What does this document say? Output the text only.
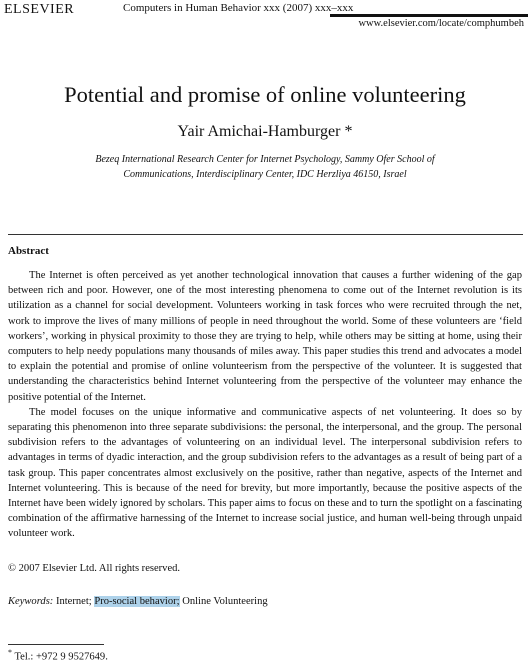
ELSEVIER	Computers in Human Behavior xxx (2007) xxx–xxx
www.elsevier.com/locate/comphumbeh
Potential and promise of online volunteering
Yair Amichai-Hamburger *
Bezeq International Research Center for Internet Psychology, Sammy Ofer School of
Communications, Interdisciplinary Center, IDC Herzliya 46150, Israel
Abstract

The Internet is often perceived as yet another technological innovation that causes a further widening of the gap between rich and poor. However, one of the most interesting phenomena to come out of the Internet revolution is its utilization as a channel for social development. Volunteers working in task forces who were recruited through the net, work to improve the lives of many millions of people in need throughout the world. Some of these volunteers are ‘field workers’, working in physical proximity to those they are trying to help, while others may be sitting at home, using their computers to help needy populations many thousands of miles away. This paper studies this trend and advocates a model to explain the potential and promise of online volunteerism from the perspective of the volunteer. It is suggested that understanding the characteristics behind Internet volunteering from the perspective of the volunteer may enhance the positive potential of the Internet.

The model focuses on the unique informative and communicative aspects of net volunteering. It does so by separating this phenomenon into three separate subdivisions: the personal, the interpersonal, and the group. The personal subdivision refers to the advantages of volunteering on an individual level. The interpersonal subdivision refers to advantages in terms of dyadic interaction, and the group subdivision refers to the advantages as a result of being part of a task group. This paper concentrates almost exclusively on the positive, rather than negative, aspects of the Internet and Internet volunteering. This is because of the need for brevity, but more importantly, because the positive aspects of the Internet have been widely ignored by scholars. This paper aims to focus on these and to turn the spotlight on a fascinating combination of the affirmative harnessing of the Internet to increase social justice, and human well-being through unpaid volunteer work.

© 2007 Elsevier Ltd. All rights reserved.
Keywords: Internet; Pro-social behavior; Online Volunteering
* Tel.: +972 9 9527649.
